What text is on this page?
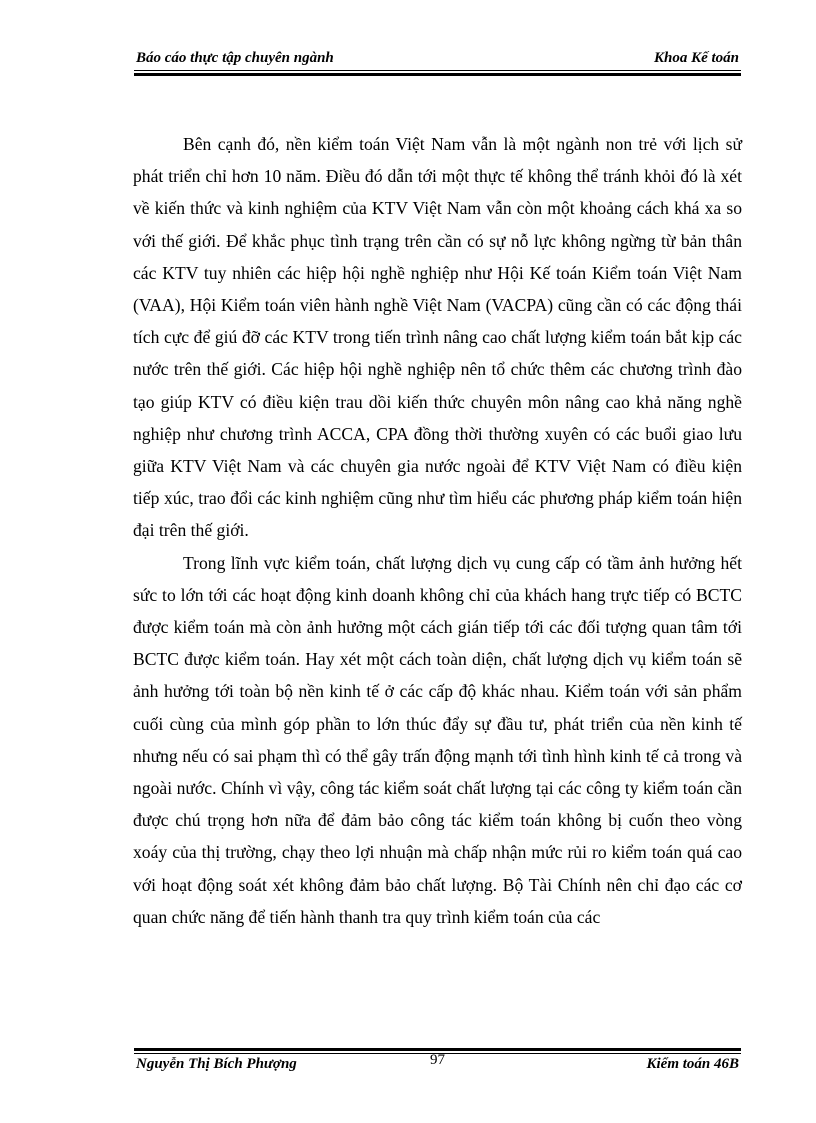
Báo cáo thực tập chuyên ngành	Khoa Kế toán

Bên cạnh đó, nền kiểm toán Việt Nam vẫn là một ngành non trẻ với lịch sử phát triển chỉ hơn 10 năm. Điều đó dẫn tới một thực tế không thể tránh khỏi đó là xét về kiến thức và kinh nghiệm của KTV Việt Nam vẫn còn một khoảng cách khá xa so với thế giới. Để khắc phục tình trạng trên cần có sự nỗ lực không ngừng từ bản thân các KTV tuy nhiên các hiệp hội nghề nghiệp như Hội Kế toán Kiểm toán Việt Nam (VAA), Hội Kiểm toán viên hành nghề Việt Nam (VACPA) cũng cần có các động thái tích cực để giú đỡ các KTV trong tiến trình nâng cao chất lượng kiểm toán bắt kịp các nước trên thế giới. Các hiệp hội nghề nghiệp nên tổ chức thêm các chương trình đào tạo giúp KTV có điều kiện trau dồi kiến thức chuyên môn nâng cao khả năng nghề nghiệp như chương trình ACCA, CPA đồng thời thường xuyên có các buổi giao lưu giữa KTV Việt Nam và các chuyên gia nước ngoài để KTV Việt Nam có điều kiện tiếp xúc, trao đổi các kinh nghiệm cũng như tìm hiểu các phương pháp kiểm toán hiện đại trên thế giới.

Trong lĩnh vực kiểm toán, chất lượng dịch vụ cung cấp có tầm ảnh hưởng hết sức to lớn tới các hoạt động kinh doanh không chỉ của khách hang trực tiếp có BCTC được kiểm toán mà còn ảnh hưởng một cách gián tiếp tới các đối tượng quan tâm tới BCTC được kiểm toán. Hay xét một cách toàn diện, chất lượng dịch vụ kiểm toán sẽ ảnh hưởng tới toàn bộ nền kinh tế ở các cấp độ khác nhau. Kiểm toán với sản phẩm cuối cùng của mình góp phần to lớn thúc đẩy sự đầu tư, phát triển của nền kinh tế nhưng nếu có sai phạm thì có thể gây trấn động mạnh tới tình hình kinh tế cả trong và ngoài nước. Chính vì vậy, công tác kiểm soát chất lượng tại các công ty kiểm toán cần được chú trọng hơn nữa để đảm bảo công tác kiểm toán không bị cuốn theo vòng xoáy của thị trường, chạy theo lợi nhuận mà chấp nhận mức rủi ro kiểm toán quá cao với hoạt động soát xét không đảm bảo chất lượng. Bộ Tài Chính nên chỉ đạo các cơ quan chức năng để tiến hành thanh tra quy trình kiểm toán của các

Nguyễn Thị Bích Phượng	97	Kiểm toán 46B
